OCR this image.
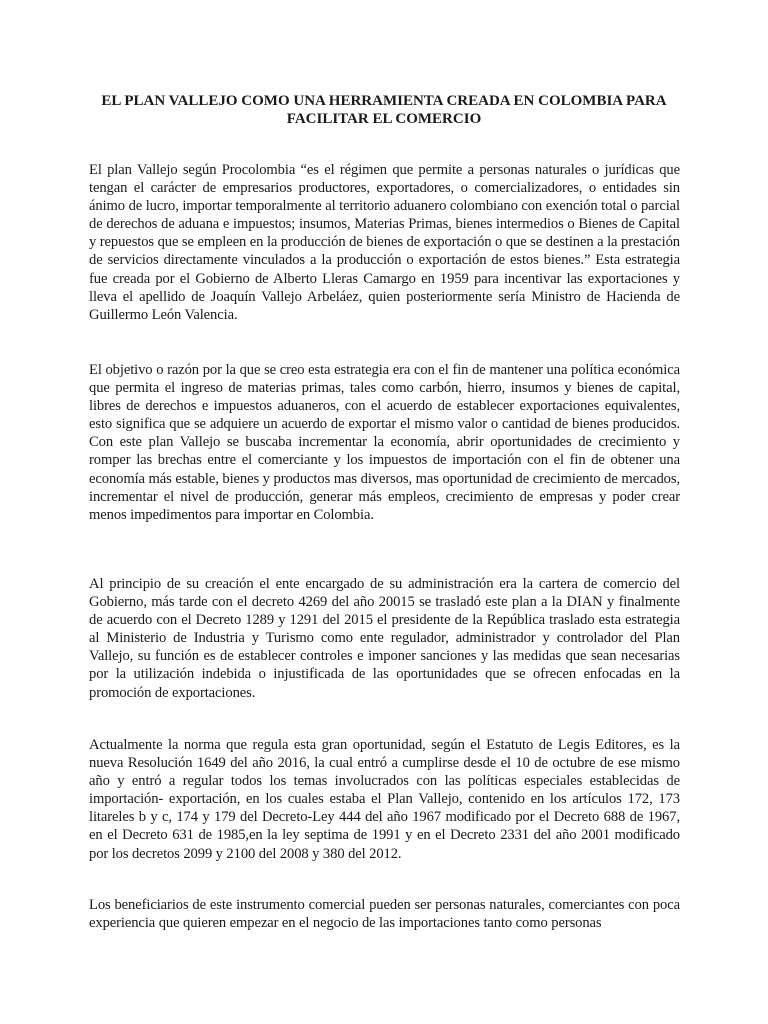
EL PLAN VALLEJO COMO UNA HERRAMIENTA CREADA EN COLOMBIA PARA FACILITAR EL COMERCIO

El plan Vallejo según Procolombia “es el régimen que permite a personas naturales o jurídicas que tengan el carácter de empresarios productores, exportadores, o comercializadores, o entidades sin ánimo de lucro, importar temporalmente al territorio aduanero colombiano con exención total o parcial de derechos de aduana e impuestos; insumos, Materias Primas, bienes intermedios o Bienes de Capital y repuestos que se empleen en la producción de bienes de exportación o que se destinen a la prestación de servicios directamente vinculados a la producción o exportación de estos bienes.” Esta estrategia fue creada por el Gobierno de Alberto Lleras Camargo en 1959 para incentivar las exportaciones y lleva el apellido de Joaquín Vallejo Arbeláez, quien posteriormente sería Ministro de Hacienda de Guillermo León Valencia.

El objetivo o razón por la que se creo esta estrategia era con el fin de mantener una política económica que permita el ingreso de materias primas, tales como carbón, hierro, insumos y bienes de capital, libres de derechos e impuestos aduaneros, con el acuerdo de establecer exportaciones equivalentes, esto significa que se adquiere un acuerdo de exportar el mismo valor o cantidad de bienes producidos. Con este plan Vallejo se buscaba incrementar la economía, abrir oportunidades de crecimiento y romper las brechas entre el comerciante y los impuestos de importación con el fin de obtener una economía más estable, bienes y productos mas diversos, mas oportunidad de crecimiento de mercados, incrementar el nivel de producción, generar más empleos, crecimiento de empresas y poder crear menos impedimentos para importar en Colombia.

Al principio de su creación el ente encargado de su administración era la cartera de comercio del Gobierno, más tarde con el decreto 4269 del año 20015 se trasladó este plan a la DIAN y finalmente de acuerdo con el Decreto 1289 y 1291 del 2015 el presidente de la República traslado esta estrategia al Ministerio de Industria y Turismo como ente regulador, administrador y controlador del Plan Vallejo, su función es de establecer controles e imponer sanciones y las medidas que sean necesarias por la utilización indebida o injustificada de las oportunidades que se ofrecen enfocadas en la promoción de exportaciones.

Actualmente la norma que regula esta gran oportunidad, según el Estatuto de Legis Editores, es la nueva Resolución 1649 del año 2016, la cual entró a cumplirse desde el 10 de octubre de ese mismo año y entró a regular todos los temas involucrados con las políticas especiales establecidas de importación- exportación, en los cuales estaba el Plan Vallejo, contenido en los artículos 172, 173 litareles b y c, 174 y 179 del Decreto-Ley 444 del año 1967 modificado por el Decreto 688 de 1967, en el Decreto 631 de 1985,en la ley septima de 1991 y en el Decreto 2331 del año 2001 modificado por los decretos 2099 y 2100 del 2008 y 380 del 2012.

Los beneficiarios de este instrumento comercial pueden ser personas naturales, comerciantes con poca experiencia que quieren empezar en el negocio de las importaciones tanto como personas
